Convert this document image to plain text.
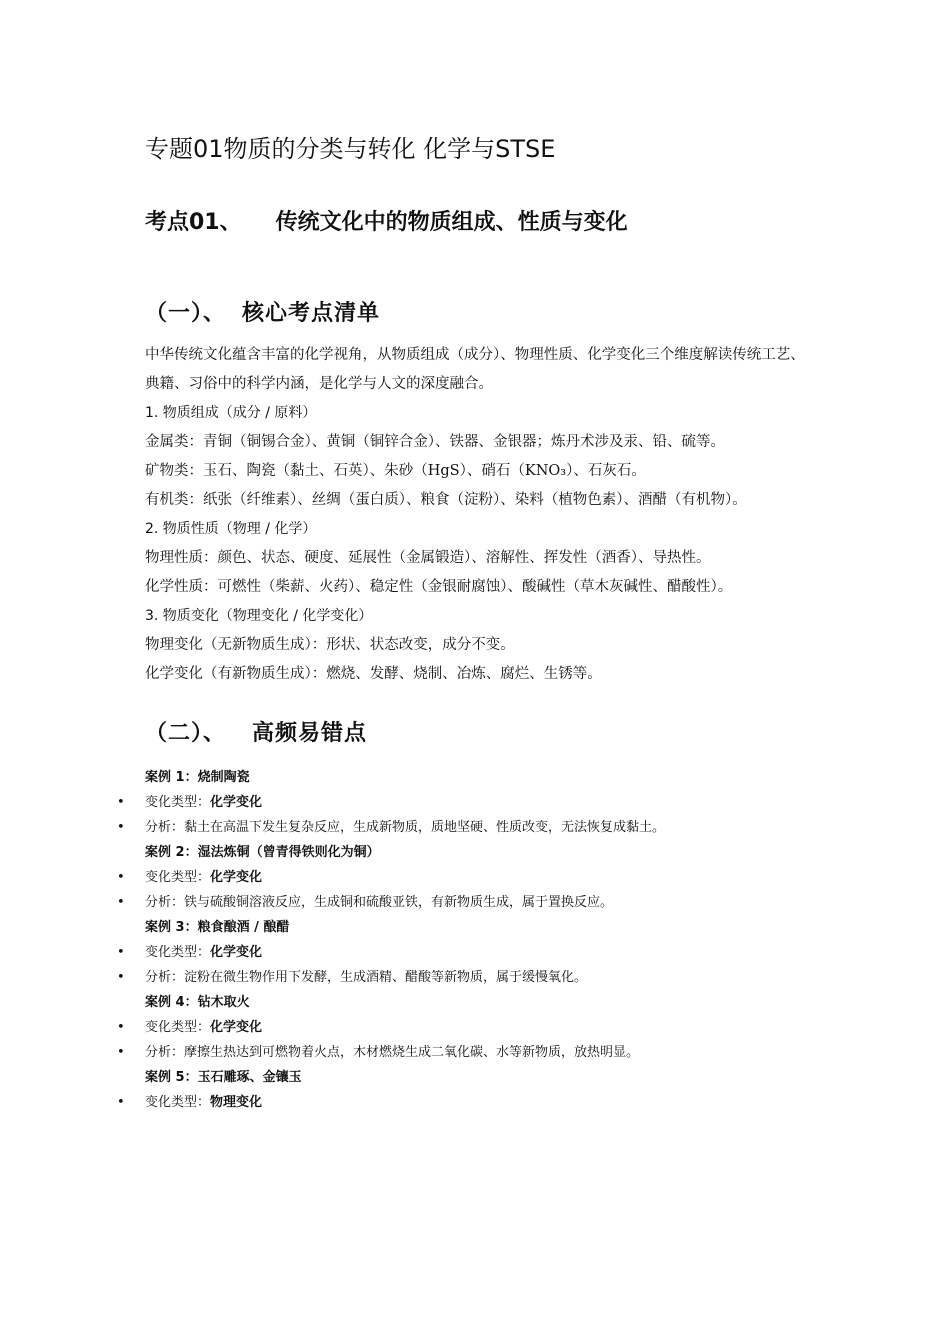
专题01物质的分类与转化 化学与STSE
考点01、 传统文化中的物质组成、性质与变化
（一）、 核心考点清单

中华传统文化蕴含丰富的化学视角，从物质组成（成分）、物理性质、化学变化三个维度解读传统工艺、典籍、习俗中的科学内涵，是化学与人文的深度融合。

1. 物质组成（成分 / 原料）

金属类：青铜（铜锡合金）、黄铜（铜锌合金）、铁器、金银器；炼丹术涉及汞、铅、硫等。

矿物类：玉石、陶瓷（黏土、石英）、朱砂（HgS）、硝石（KNO₃）、石灰石。

有机类：纸张（纤维素）、丝绸（蛋白质）、粮食（淀粉）、染料（植物色素）、酒醋（有机物）。

2. 物质性质（物理 / 化学）

物理性质：颜色、状态、硬度、延展性（金属锻造）、溶解性、挥发性（酒香）、导热性。

化学性质：可燃性（柴薪、火药）、稳定性（金银耐腐蚀）、酸碱性（草木灰碱性、醋酸性）。

3. 物质变化（物理变化 / 化学变化）

物理变化（无新物质生成）：形状、状态改变，成分不变。

化学变化（有新物质生成）：燃烧、发酵、烧制、冶炼、腐烂、生锈等。

（二）、 高频易错点

案例 1：烧制陶瓷

• 变化类型：化学变化

• 分析：黏土在高温下发生复杂反应，生成新物质，质地坚硬、性质改变，无法恢复成黏土。

案例 2：湿法炼铜（曾青得铁则化为铜）

• 变化类型：化学变化

• 分析：铁与硫酸铜溶液反应，生成铜和硫酸亚铁，有新物质生成，属于置换反应。

案例 3：粮食酿酒 / 酿醋

• 变化类型：化学变化

• 分析：淀粉在微生物作用下发酵，生成酒精、醋酸等新物质，属于缓慢氧化。

案例 4：钻木取火

• 变化类型：化学变化

• 分析：摩擦生热达到可燃物着火点，木材燃烧生成二氧化碳、水等新物质，放热明显。

案例 5：玉石雕琢、金镶玉

• 变化类型：物理变化
